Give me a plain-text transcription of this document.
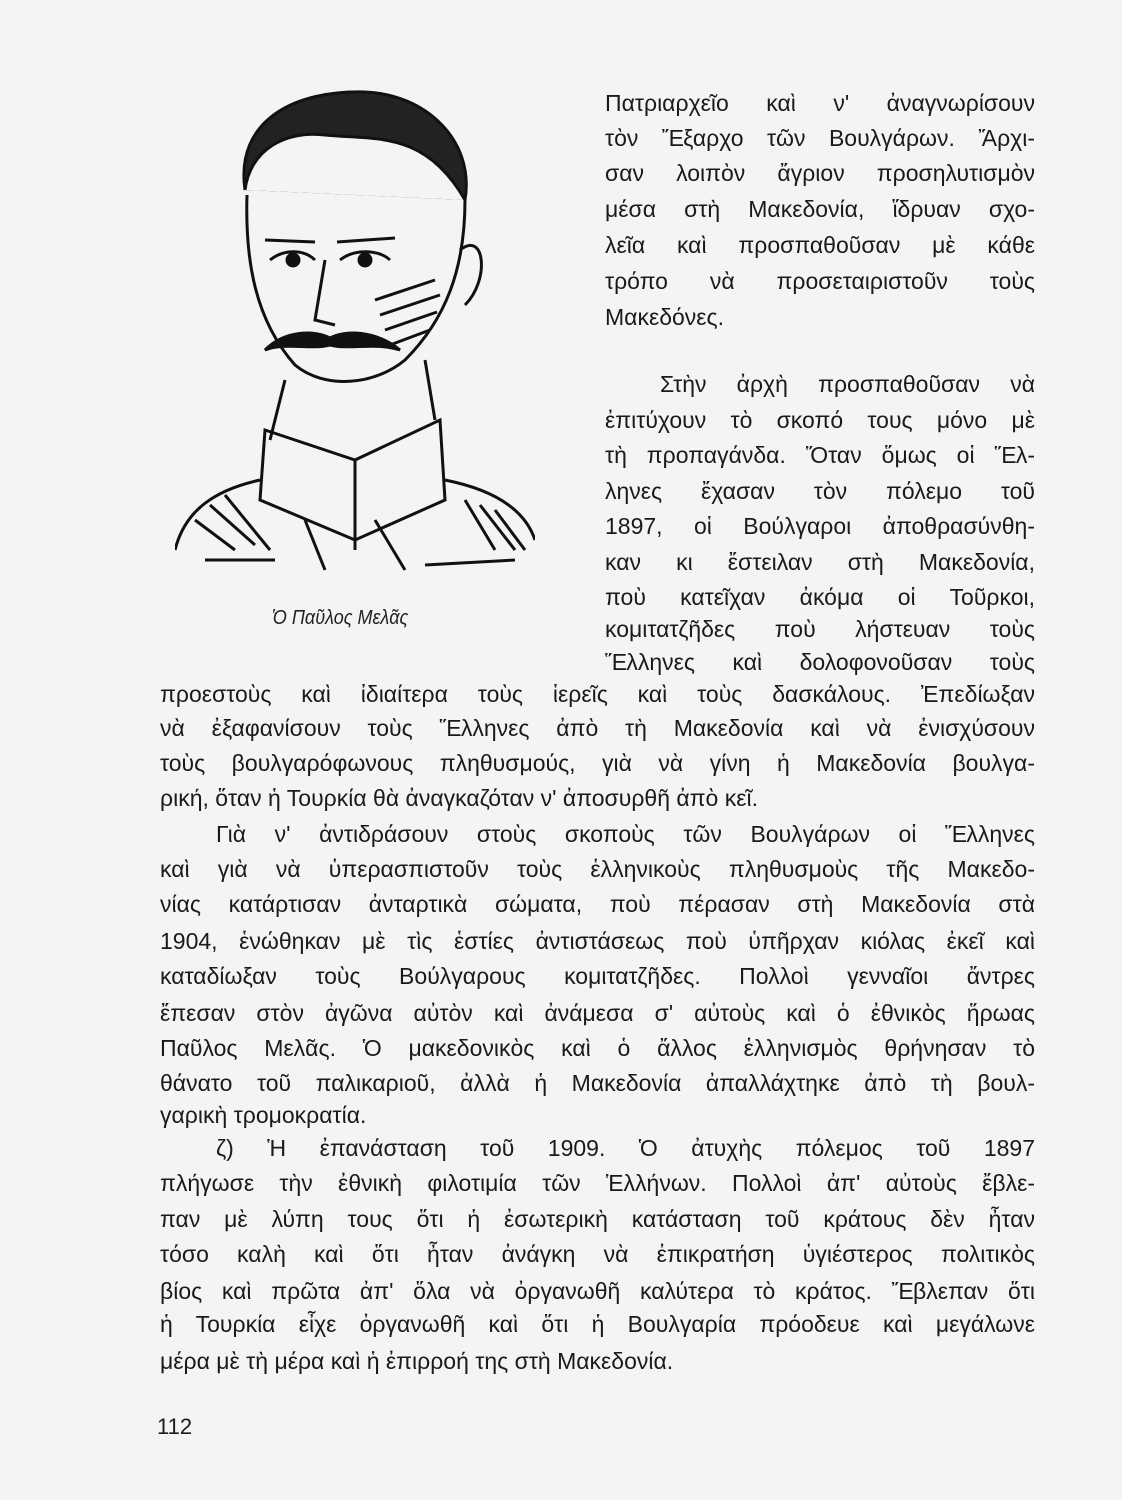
Ὁ Παῦλος Μελᾶς
Πατριαρχεῖο καὶ ν' ἀναγνωρίσουν
τὸν Ἔξαρχο τῶν Βουλγάρων. Ἄρχι-
σαν λοιπὸν ἄγριον προσηλυτισμὸν
μέσα στὴ Μακεδονία, ἵδρυαν σχο-
λεῖα καὶ προσπαθοῦσαν μὲ κάθε
τρόπο νὰ προσεταιριστοῦν τοὺς
Μακεδόνες.
Στὴν ἀρχὴ προσπαθοῦσαν νὰ
ἐπιτύχουν τὸ σκοπό τους μόνο μὲ
τὴ προπαγάνδα. Ὅταν ὅμως οἱ Ἕλ-
ληνες ἔχασαν τὸν πόλεμο τοῦ
1897, οἱ Βούλγαροι ἀποθρασύνθη-
καν κι ἔστειλαν στὴ Μακεδονία,
ποὺ κατεῖχαν ἀκόμα οἱ Τοῦρκοι,
κομιτατζῆδες ποὺ λήστευαν τοὺς
Ἕλληνες καὶ δολοφονοῦσαν τοὺς
προεστοὺς καὶ ἰδιαίτερα τοὺς ἱερεῖς καὶ τοὺς δασκάλους. Ἐπεδίωξαν
νὰ ἐξαφανίσουν τοὺς Ἕλληνες ἀπὸ τὴ Μακεδονία καὶ νὰ ἐνισχύσουν
τοὺς βουλγαρόφωνους πληθυσμούς, γιὰ νὰ γίνη ἡ Μακεδονία βουλγα-
ρική, ὅταν ἡ Τουρκία θὰ ἀναγκαζόταν ν' ἀποσυρθῆ ἀπὸ κεῖ.
Γιὰ ν' ἀντιδράσουν στοὺς σκοποὺς τῶν Βουλγάρων οἱ Ἕλληνες
καὶ γιὰ νὰ ὑπερασπιστοῦν τοὺς ἑλληνικοὺς πληθυσμοὺς τῆς Μακεδο-
νίας κατάρτισαν ἀνταρτικὰ σώματα, ποὺ πέρασαν στὴ Μακεδονία στὰ
1904, ἑνώθηκαν μὲ τὶς ἑστίες ἀντιστάσεως ποὺ ὑπῆρχαν κιόλας ἐκεῖ καὶ
καταδίωξαν τοὺς Βούλγαρους κομιτατζῆδες. Πολλοὶ γενναῖοι ἄντρες
ἔπεσαν στὸν ἀγῶνα αὐτὸν καὶ ἀνάμεσα σ' αὐτοὺς καὶ ὁ ἐθνικὸς ἥρωας
Παῦλος Μελᾶς. Ὁ μακεδονικὸς καὶ ὁ ἄλλος ἑλληνισμὸς θρήνησαν τὸ
θάνατο τοῦ παλικαριοῦ, ἀλλὰ ἡ Μακεδονία ἀπαλλάχτηκε ἀπὸ τὴ βουλ-
γαρικὴ τρομοκρατία.
ζ) Ἡ ἐπανάσταση τοῦ 1909. Ὁ ἀτυχὴς πόλεμος τοῦ 1897
πλήγωσε τὴν ἐθνικὴ φιλοτιμία τῶν Ἑλλήνων. Πολλοὶ ἀπ' αὐτοὺς ἔβλε-
παν μὲ λύπη τους ὅτι ἡ ἐσωτερικὴ κατάσταση τοῦ κράτους δὲν ἦταν
τόσο καλὴ καὶ ὅτι ἦταν ἀνάγκη νὰ ἐπικρατήση ὑγιέστερος πολιτικὸς
βίος καὶ πρῶτα ἀπ' ὅλα νὰ ὀργανωθῆ καλύτερα τὸ κράτος. Ἔβλεπαν ὅτι
ἡ Τουρκία εἶχε ὀργανωθῆ καὶ ὅτι ἡ Βουλγαρία πρόοδευε καὶ μεγάλωνε
μέρα μὲ τὴ μέρα καὶ ἡ ἐπιρροή της στὴ Μακεδονία.
112
